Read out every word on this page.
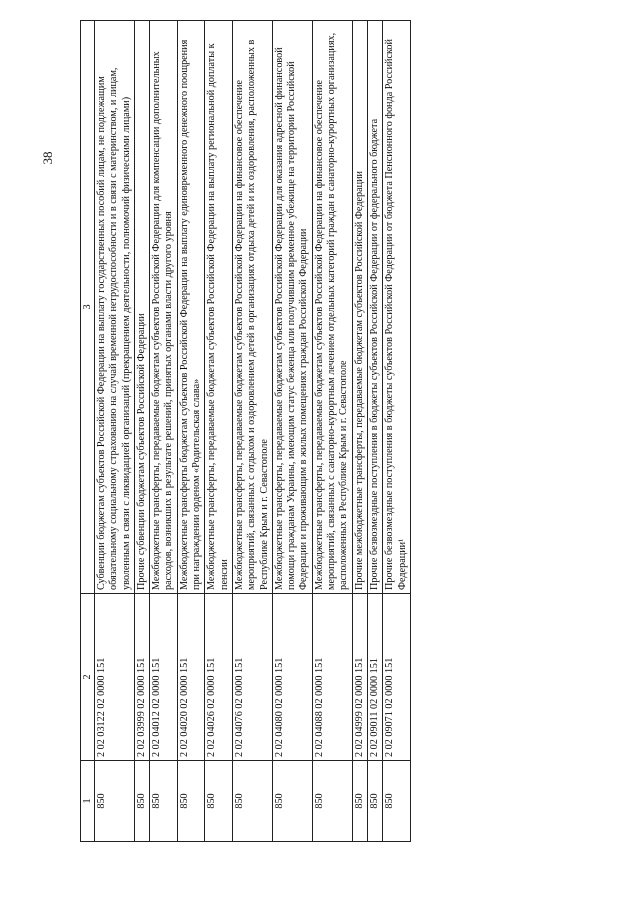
38
1	2	3
850	2 02 03122 02 0000 151	Субвенции бюджетам субъектов Российской Федерации на выплату государственных пособий лицам, не подлежащим обязательному социальному страхованию на случай временной нетрудоспособности и в связи с материнством, и лицам, уволенным в связи с ликвидацией организаций (прекращением деятельности, полномочий физическими лицами)
850	2 02 03999 02 0000 151	Прочие субвенции бюджетам субъектов Российской Федерации
850	2 02 04012 02 0000 151	Межбюджетные трансферты, передаваемые бюджетам субъектов Российской Федерации для компенсации дополнительных расходов, возникших в результате решений, принятых органами власти другого уровня
850	2 02 04020 02 0000 151	Межбюджетные трансферты бюджетам субъектов Российской Федерации на выплату единовременного денежного поощрения при награждении орденом «Родительская слава»
850	2 02 04026 02 0000 151	Межбюджетные трансферты, передаваемые бюджетам субъектов Российской Федерации на выплату региональной доплаты к пенсии
850	2 02 04076 02 0000 151	Межбюджетные трансферты, передаваемые бюджетам субъектов Российской Федерации на финансовое обеспечение мероприятий, связанных с отдыхом и оздоровлением детей в организациях отдыха детей и их оздоровления, расположенных в Республике Крым и г. Севастополе
850	2 02 04080 02 0000 151	Межбюджетные трансферты, передаваемые бюджетам субъектов Российской Федерации для оказания адресной финансовой помощи гражданам Украины, имеющим статус беженца или получившим временное убежище на территории Российской Федерации и проживающим в жилых помещениях граждан Российской Федерации
850	2 02 04088 02 0000 151	Межбюджетные трансферты, передаваемые бюджетам субъектов Российской Федерации на финансовое обеспечение мероприятий, связанных с санаторно-курортным лечением отдельных категорий граждан в санаторно-курортных организациях, расположенных в Республике Крым и г. Севастополе
850	2 02 04999 02 0000 151	Прочие межбюджетные трансферты, передаваемые бюджетам субъектов Российской Федерации
850	2 02 09011 02 0000 151	Прочие безвозмездные поступления в бюджеты субъектов Российской Федерации от федерального бюджета
850	2 02 09071 02 0000 151	Прочие безвозмездные поступления в бюджеты субъектов Российской Федерации от бюджета Пенсионного фонда Российской Федерации¹
